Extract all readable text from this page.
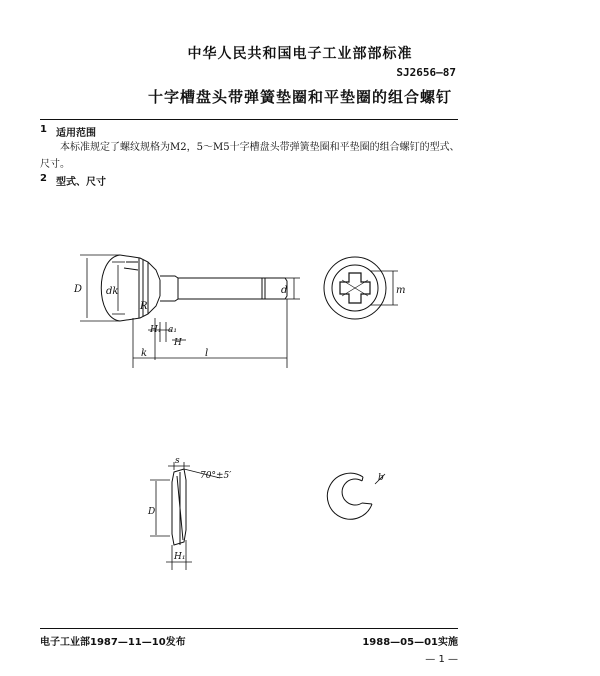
中华人民共和国电子工业部部标准
SJ2656—87
十字槽盘头带弹簧垫圈和平垫圈的组合螺钉
1 适用范围
本标准规定了螺纹规格为M2，5～M5十字槽盘头带弹簧垫圈和平垫圈的组合螺钉的型式、尺寸。
2 型式、尺寸
D dk	d	m
R
H₁ a₁
H
k	l
s
70°±5′	b
D
H₁
电子工业部1987—11—10发布	1988—05—01实施
— 1 —
